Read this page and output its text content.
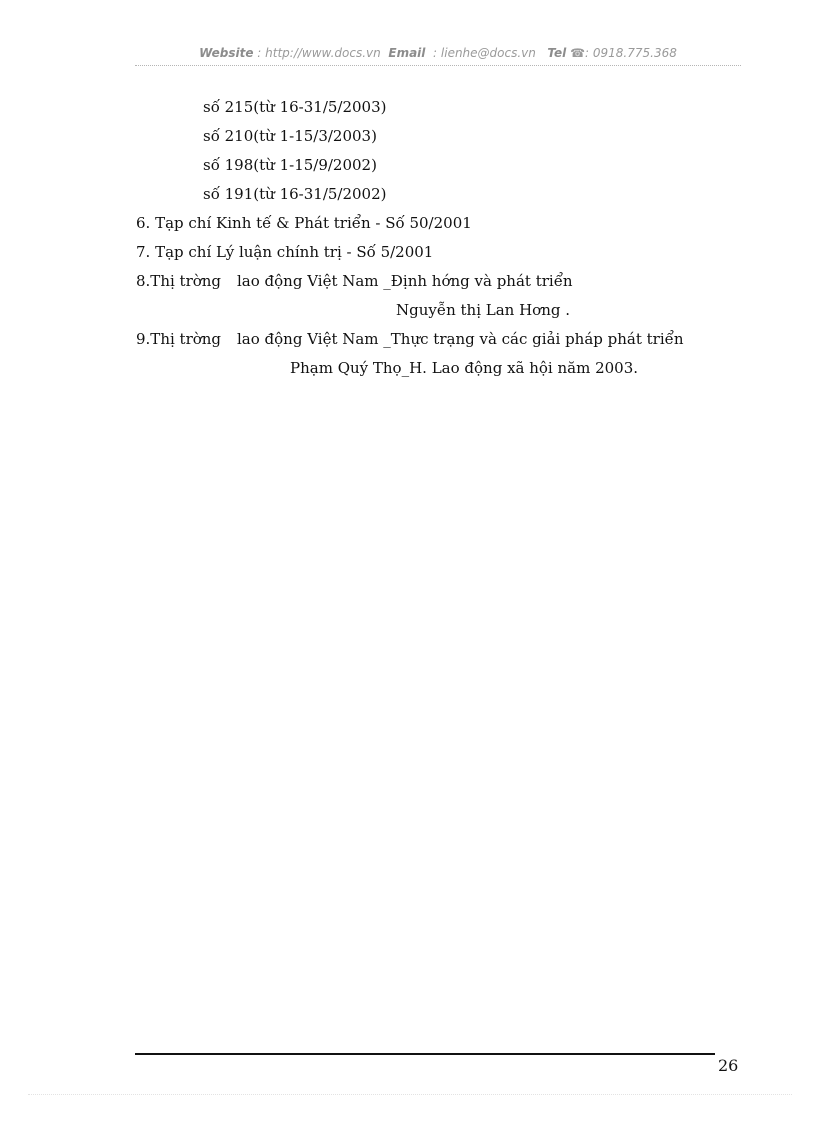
Website : http://www.docs.vn Email : lienhe@docs.vn Tel ☎: 0918.775.368
số 215(từ 16-31/5/2003)
số 210(từ 1-15/3/2003)
số 198(từ 1-15/9/2002)
số 191(từ 16-31/5/2002)
6. Tạp chí Kinh tế & Phát triển - Số 50/2001
7. Tạp chí Lý luận chính trị - Số 5/2001
8.Thị trờng lao động Việt Nam _Định hớng và phát triển
Nguyễn thị Lan Hơng .
9.Thị trờng lao động Việt Nam _Thực trạng và các giải pháp phát triển
Phạm Quý Thọ_H. Lao động xã hội năm 2003.
26
